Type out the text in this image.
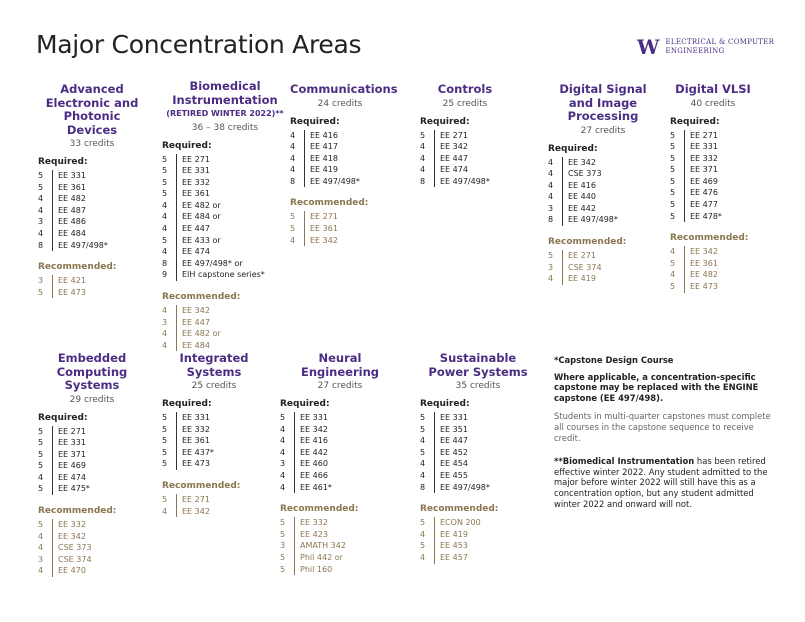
Major Concentration Areas	W ELECTRICAL & COMPUTER
ENGINEERING
Advanced Electronic and Photonic Devices
33 credits
Required:
5	EE 331
5	EE 361
4	EE 482
4	EE 487
3	EE 486
4	EE 484
8	EE 497/498*
Recommended:
3	EE 421
5	EE 473
Biomedical Instrumentation
(RETIRED WINTER 2022)**
36 – 38 credits
Required:
5	EE 271
5	EE 331
5	EE 332
5	EE 361
4	EE 482 or
4	EE 484 or
4	EE 447
5	EE 433 or
4	EE 474
8	EE 497/498* or
9	EIH capstone series*
Recommended:
4	EE 342
3	EE 447
4	EE 482 or
4	EE 484
Communications
24 credits
Required:
4	EE 416
4	EE 417
4	EE 418
4	EE 419
8	EE 497/498*
Recommended:
5	EE 271
5	EE 361
4	EE 342
Controls
25 credits
Required:
5	EE 271
4	EE 342
4	EE 447
4	EE 474
8	EE 497/498*
Digital Signal and Image Processing
27 credits
Required:
4	EE 342
4	CSE 373
4	EE 416
4	EE 440
3	EE 442
8	EE 497/498*
Recommended:
5	EE 271
3	CSE 374
4	EE 419
Digital VLSI
40 credits
Required:
5	EE 271
5	EE 331
5	EE 332
5	EE 371
5	EE 469
5	EE 476
5	EE 477
5	EE 478*
Recommended:
4	EE 342
5	EE 361
4	EE 482
5	EE 473
Embedded Computing Systems
29 credits
Required:
5	EE 271
5	EE 331
5	EE 371
5	EE 469
4	EE 474
5	EE 475*
Recommended:
5	EE 332
4	EE 342
4	CSE 373
3	CSE 374
4	EE 470
Integrated Systems
25 credits
Required:
5	EE 331
5	EE 332
5	EE 361
5	EE 437*
5	EE 473
Recommended:
5	EE 271
4	EE 342
Neural Engineering
27 credits
Required:
5	EE 331
4	EE 342
4	EE 416
4	EE 442
3	EE 460
4	EE 466
4	EE 461*
Recommended:
5	EE 332
5	EE 423
3	AMATH 342
5	Phil 442 or
5	Phil 160
Sustainable Power Systems
35 credits
Required:
5	EE 331
5	EE 351
4	EE 447
5	EE 452
4	EE 454
4	EE 455
8	EE 497/498*
Recommended:
5	ECON 200
4	EE 419
5	EE 453
4	EE 457
*Capstone Design Course
Where applicable, a concentration-specific capstone may be replaced with the ENGINE capstone (EE 497/498).
Students in multi-quarter capstones must complete all courses in the capstone sequence to receive credit.
**Biomedical Instrumentation has been retired effective winter 2022. Any student admitted to the major before winter 2022 will still have this as a concentration option, but any student admitted winter 2022 and onward will not.
